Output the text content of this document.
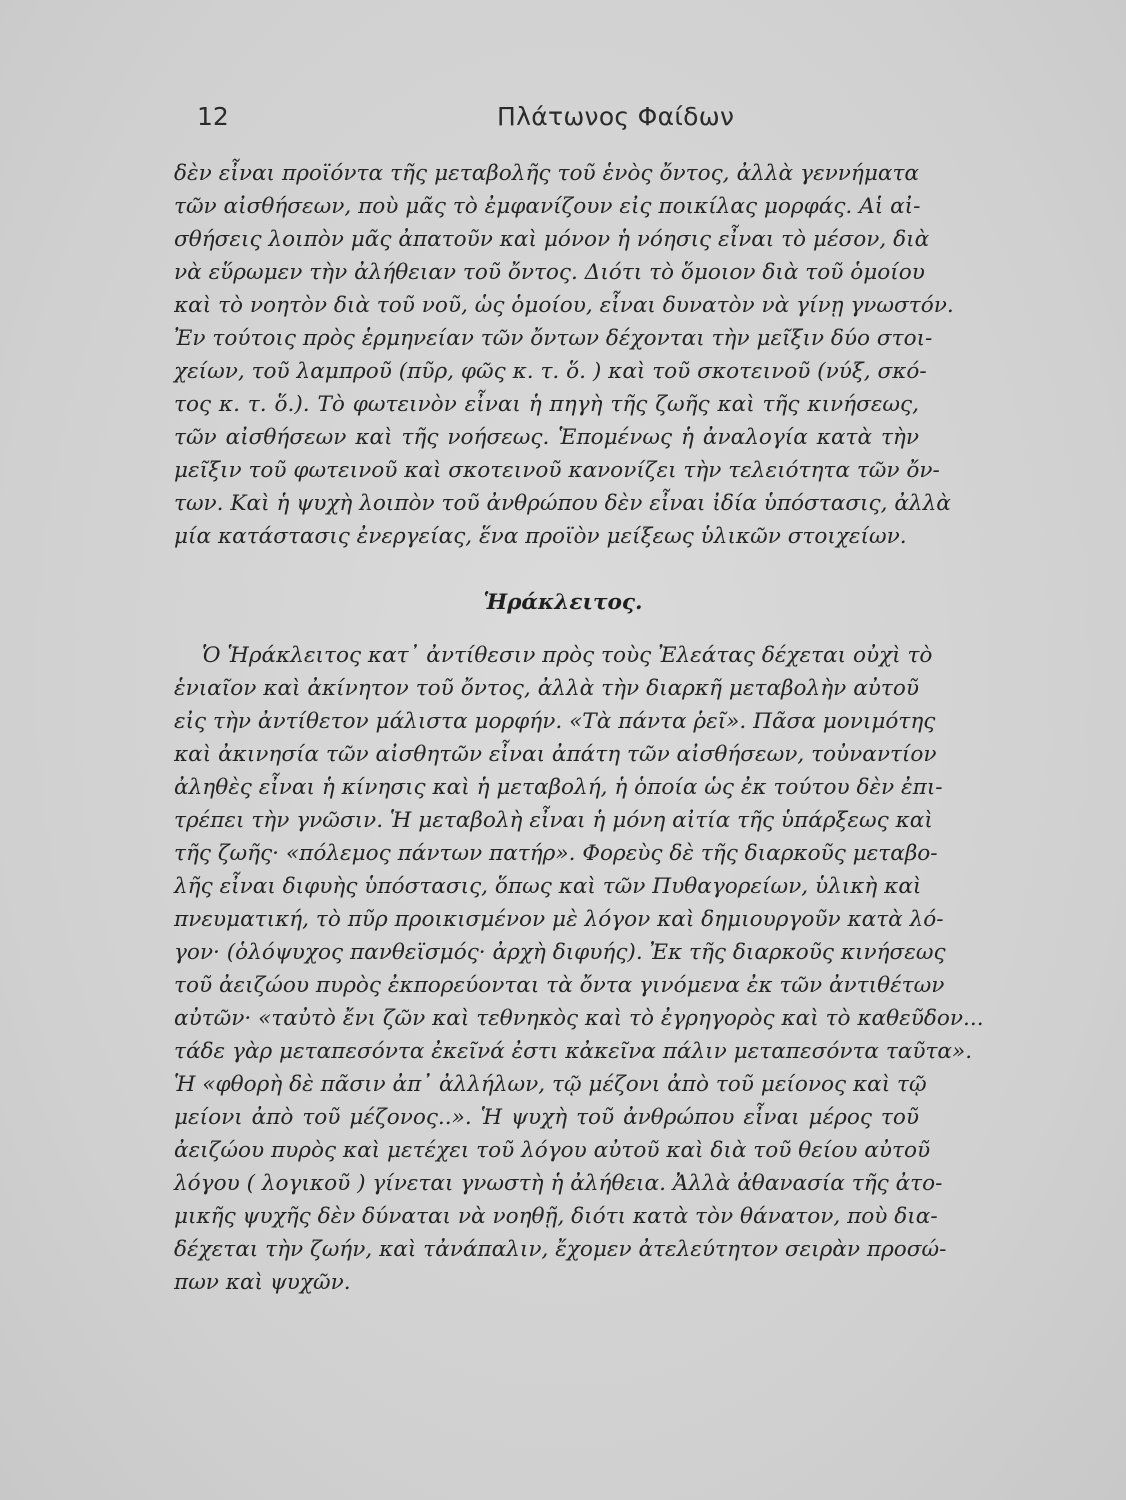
12	Πλάτωνος Φαίδων
δὲν εἶναι προϊόντα τῆς μεταβολῆς τοῦ ἑνὸς ὄντος, ἀλλὰ γεννήματα
τῶν αἰσθήσεων, ποὺ μᾶς τὸ ἐμφανίζουν εἰς ποικίλας μορφάς. Αἱ αἰ-
σθήσεις λοιπὸν μᾶς ἀπατοῦν καὶ μόνον ἡ νόησις εἶναι τὸ μέσον, διὰ
νὰ εὕρωμεν τὴν ἀλήθειαν τοῦ ὄντος. Διότι τὸ ὅμοιον διὰ τοῦ ὁμοίου
καὶ τὸ νοητὸν διὰ τοῦ νοῦ, ὡς ὁμοίου, εἶναι δυνατὸν νὰ γίνῃ γνωστόν.
Ἐν τούτοις πρὸς ἑρμηνείαν τῶν ὄντων δέχονται τὴν μεῖξιν δύο στοι-
χείων, τοῦ λαμπροῦ (πῦρ, φῶς κ. τ. ὅ. ) καὶ τοῦ σκοτεινοῦ (νύξ, σκό-
τος κ. τ. ὅ.). Τὸ φωτεινὸν εἶναι ἡ πηγὴ τῆς ζωῆς καὶ τῆς κινήσεως,
τῶν αἰσθήσεων καὶ τῆς νοήσεως. Ἑπομένως ἡ ἀναλογία κατὰ τὴν
μεῖξιν τοῦ φωτεινοῦ καὶ σκοτεινοῦ κανονίζει τὴν τελειότητα τῶν ὄν-
των. Καὶ ἡ ψυχὴ λοιπὸν τοῦ ἀνθρώπου δὲν εἶναι ἰδία ὑπόστασις, ἀλλὰ
μία κατάστασις ἐνεργείας, ἕνα προϊὸν μείξεως ὑλικῶν στοιχείων.
Ἡράκλειτος.
Ὁ Ἡράκλειτος κατ᾿ ἀντίθεσιν πρὸς τοὺς Ἐλεάτας δέχεται οὐχὶ τὸ
ἑνιαῖον καὶ ἀκίνητον τοῦ ὄντος, ἀλλὰ τὴν διαρκῆ μεταβολὴν αὐτοῦ
εἰς τὴν ἀντίθετον μάλιστα μορφήν. «Τὰ πάντα ῥεῖ». Πᾶσα μονιμότης
καὶ ἀκινησία τῶν αἰσθητῶν εἶναι ἀπάτη τῶν αἰσθήσεων, τοὐναντίον
ἀληθὲς εἶναι ἡ κίνησις καὶ ἡ μεταβολή, ἡ ὁποία ὡς ἐκ τούτου δὲν ἐπι-
τρέπει τὴν γνῶσιν. Ἡ μεταβολὴ εἶναι ἡ μόνη αἰτία τῆς ὑπάρξεως καὶ
τῆς ζωῆς· «πόλεμος πάντων πατήρ». Φορεὺς δὲ τῆς διαρκοῦς μεταβο-
λῆς εἶναι διφυὴς ὑπόστασις, ὅπως καὶ τῶν Πυθαγορείων, ὑλικὴ καὶ
πνευματική, τὸ πῦρ προικισμένον μὲ λόγον καὶ δημιουργοῦν κατὰ λό-
γον· (ὁλόψυχος πανθεϊσμός· ἀρχὴ διφυής). Ἐκ τῆς διαρκοῦς κινήσεως
τοῦ ἀειζώου πυρὸς ἐκπορεύονται τὰ ὄντα γινόμενα ἐκ τῶν ἀντιθέτων
αὐτῶν· «ταὐτὸ ἔνι ζῶν καὶ τεθνηκὸς καὶ τὸ ἐγρηγορὸς καὶ τὸ καθεῦδον...
τάδε γὰρ μεταπεσόντα ἐκεῖνά ἐστι κἀκεῖνα πάλιν μεταπεσόντα ταῦτα».
Ἡ «φθορὴ δὲ πᾶσιν ἀπ᾿ ἀλλήλων, τῷ μέζονι ἀπὸ τοῦ μείονος καὶ τῷ
μείονι ἀπὸ τοῦ μέζονος..». Ἡ ψυχὴ τοῦ ἀνθρώπου εἶναι μέρος τοῦ
ἀειζώου πυρὸς καὶ μετέχει τοῦ λόγου αὐτοῦ καὶ διὰ τοῦ θείου αὐτοῦ
λόγου ( λογικοῦ ) γίνεται γνωστὴ ἡ ἀλήθεια. Ἀλλὰ ἀθανασία τῆς ἀτο-
μικῆς ψυχῆς δὲν δύναται νὰ νοηθῇ, διότι κατὰ τὸν θάνατον, ποὺ δια-
δέχεται τὴν ζωήν, καὶ τἀνάπαλιν, ἔχομεν ἀτελεύτητον σειρὰν προσώ-
πων καὶ ψυχῶν.
